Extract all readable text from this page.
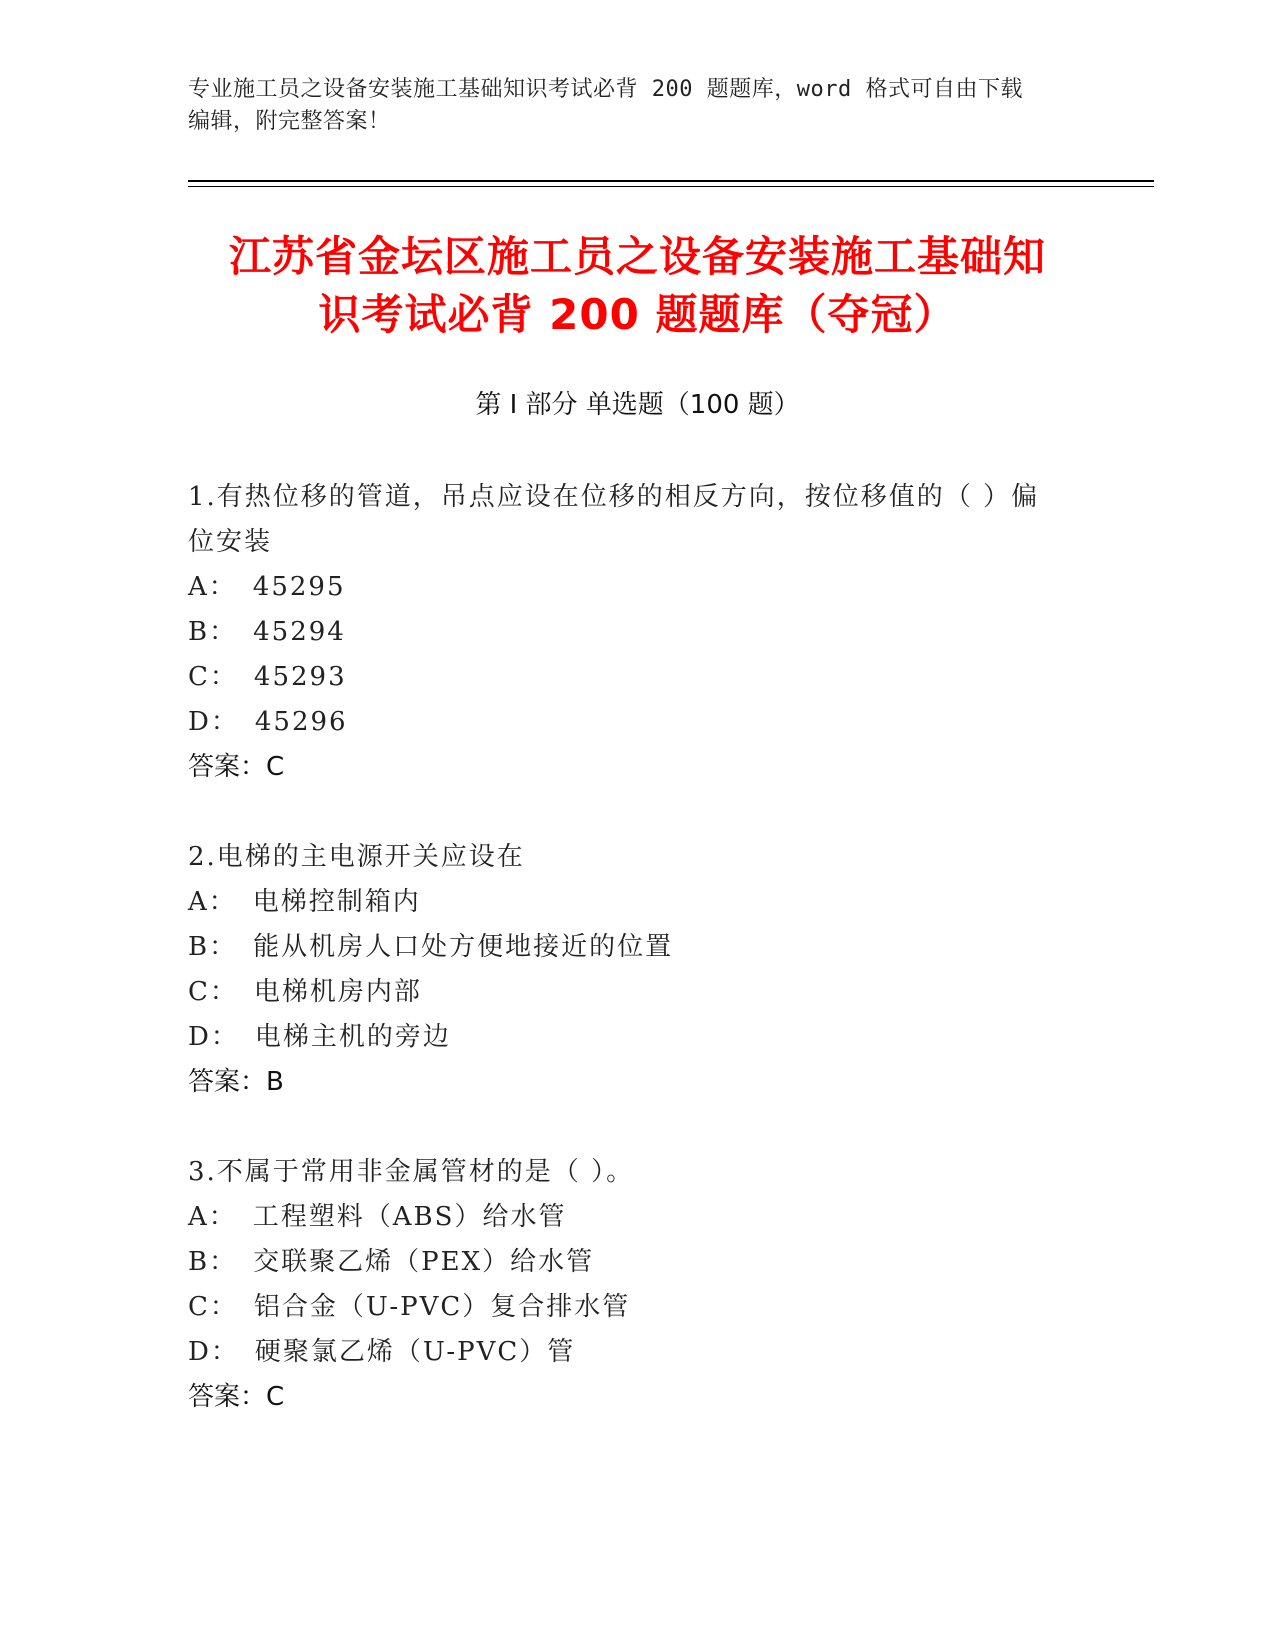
专业施工员之设备安装施工基础知识考试必背 200 题题库，word 格式可自由下载
编辑，附完整答案！
江苏省金坛区施工员之设备安装施工基础知
识考试必背 200 题题库（夺冠）
第 I 部分 单选题（100 题）
1.有热位移的管道，吊点应设在位移的相反方向，按位移值的（ ）偏
位安装
A： 45295
B： 45294
C： 45293
D： 45296
答案：C
2.电梯的主电源开关应设在
A： 电梯控制箱内
B： 能从机房人口处方便地接近的位置
C： 电梯机房内部
D： 电梯主机的旁边
答案：B
3.不属于常用非金属管材的是（ ）。
A： 工程塑料（ABS）给水管
B： 交联聚乙烯（PEX）给水管
C： 铝合金（U-PVC）复合排水管
D： 硬聚氯乙烯（U-PVC）管
答案：C
